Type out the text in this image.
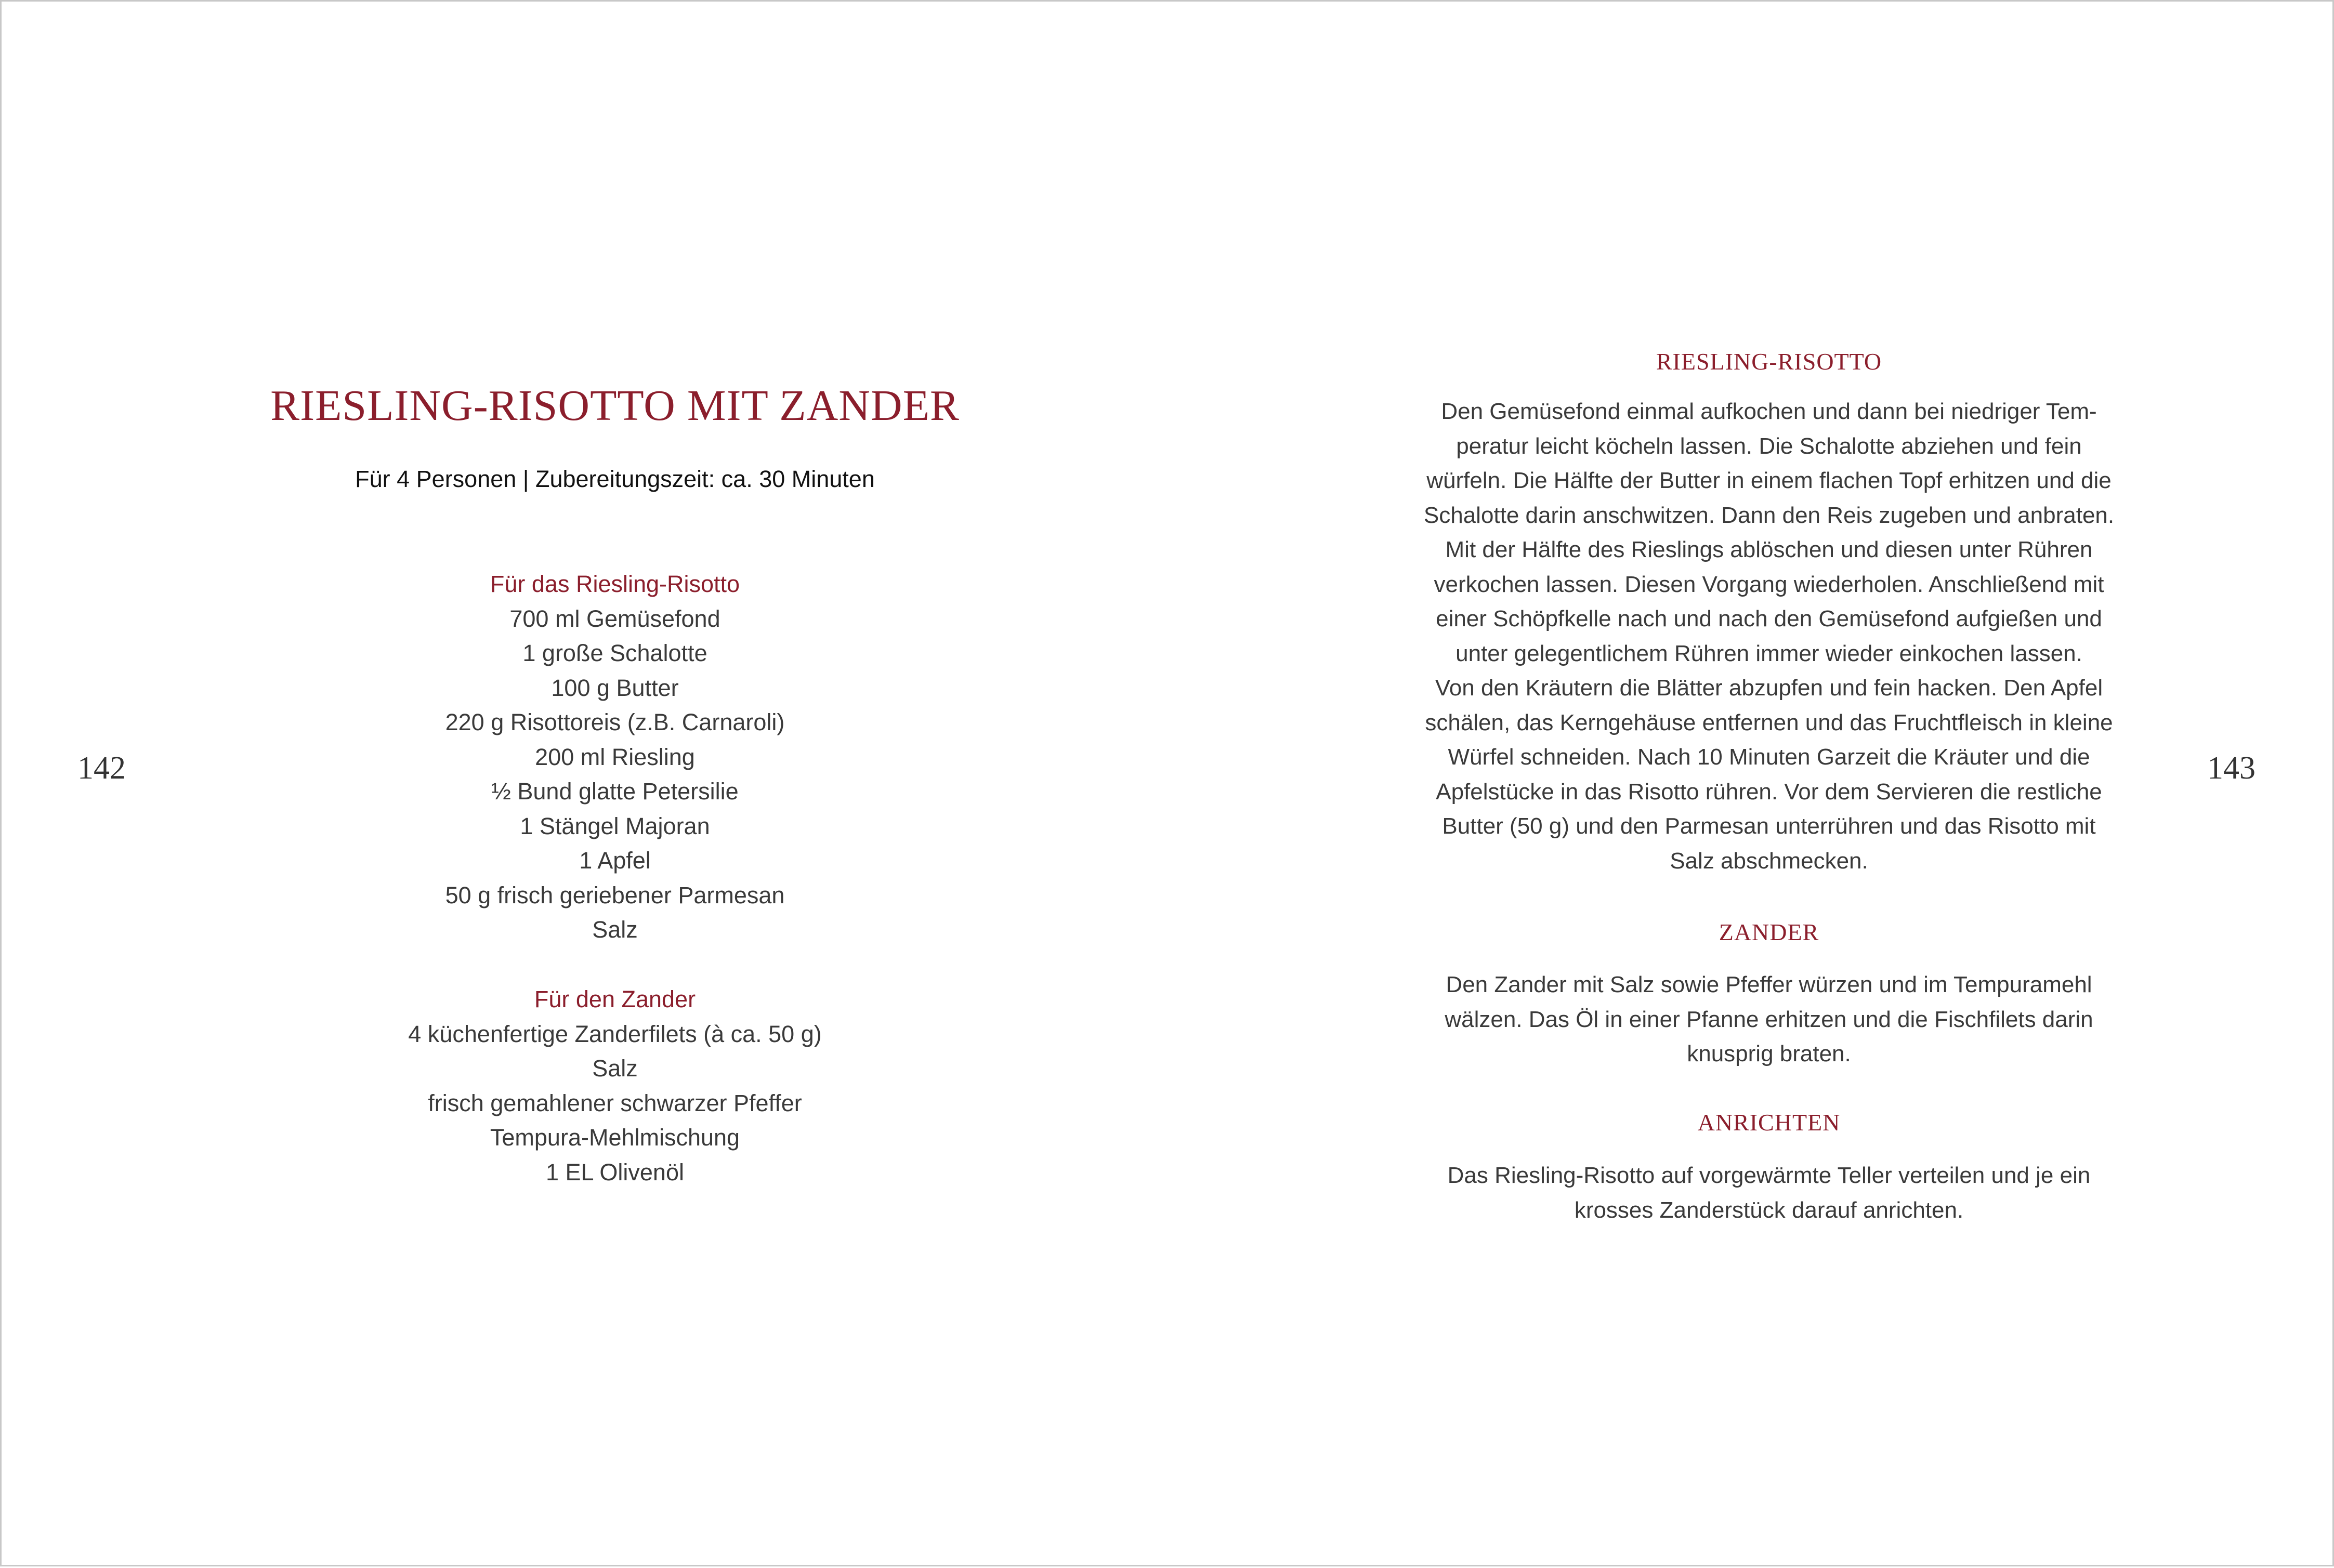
RIESLING-RISOTTO MIT ZANDER
Für 4 Personen | Zubereitungszeit: ca. 30 Minuten
Für das Riesling-Risotto
700 ml Gemüsefond
1 große Schalotte
100 g Butter
220 g Risottoreis (z.B. Carnaroli)
200 ml Riesling
½ Bund glatte Petersilie
1 Stängel Majoran
1 Apfel
50 g frisch geriebener Parmesan
Salz
Für den Zander
4 küchenfertige Zanderfilets (à ca. 50 g)
Salz
frisch gemahlener schwarzer Pfeffer
Tempura-Mehlmischung
1 EL Olivenöl
142
RIESLING-RISOTTO
Den Gemüsefond einmal aufkochen und dann bei niedriger Tem-
peratur leicht köcheln lassen. Die Schalotte abziehen und fein
würfeln. Die Hälfte der Butter in einem flachen Topf erhitzen und die
Schalotte darin anschwitzen. Dann den Reis zugeben und anbraten.
Mit der Hälfte des Rieslings ablöschen und diesen unter Rühren
verkochen lassen. Diesen Vorgang wiederholen. Anschließend mit
einer Schöpfkelle nach und nach den Gemüsefond aufgießen und
unter gelegentlichem Rühren immer wieder einkochen lassen.
Von den Kräutern die Blätter abzupfen und fein hacken. Den Apfel
schälen, das Kerngehäuse entfernen und das Fruchtfleisch in kleine
Würfel schneiden. Nach 10 Minuten Garzeit die Kräuter und die
Apfelstücke in das Risotto rühren. Vor dem Servieren die restliche
Butter (50 g) und den Parmesan unterrühren und das Risotto mit
Salz abschmecken.
ZANDER
Den Zander mit Salz sowie Pfeffer würzen und im Tempuramehl
wälzen. Das Öl in einer Pfanne erhitzen und die Fischfilets darin
knusprig braten.
ANRICHTEN
Das Riesling-Risotto auf vorgewärmte Teller verteilen und je ein
krosses Zanderstück darauf anrichten.
143
